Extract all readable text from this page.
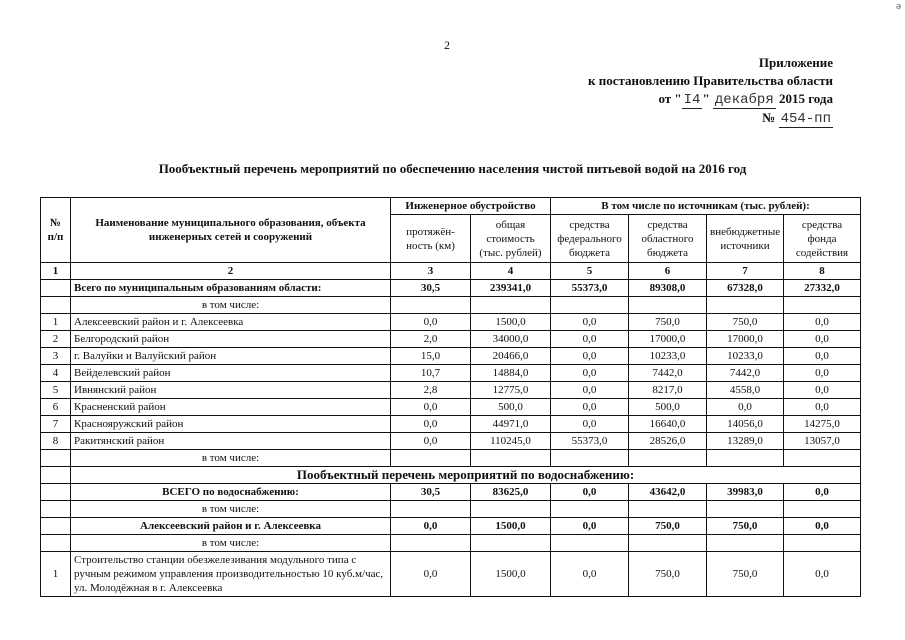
ə
2
Приложение
к постановлению Правительства области
от " I4 " декабря 2015 года
№ 454-пп
Пообъектный перечень мероприятий по обеспечению населения чистой питьевой водой на 2016 год
№ п/п	Наименование муниципального образования, объекта инженерных сетей и сооружений	Инженерное обустройство		В том числе по источникам (тыс. рублей):			
		протяжён-ность (км)	общая стоимость (тыс. рублей)	средства федерального бюджета	средства областного бюджета	внебюджетные источники	средства фонда содействия
1	2	3	4	5	6	7	8
	Всего по муниципальным образованиям области:	30,5	239341,0	55373,0	89308,0	67328,0	27332,0
	в том числе:						
1	Алексеевский район и г. Алексеевка	0,0	1500,0	0,0	750,0	750,0	0,0
2	Белгородский район	2,0	34000,0	0,0	17000,0	17000,0	0,0
3	г. Валуйки и Валуйский район	15,0	20466,0	0,0	10233,0	10233,0	0,0
4	Вейделевский район	10,7	14884,0	0,0	7442,0	7442,0	0,0
5	Ивнянский район	2,8	12775,0	0,0	8217,0	4558,0	0,0
6	Красненский район	0,0	500,0	0,0	500,0	0,0	0,0
7	Краснояружский район	0,0	44971,0	0,0	16640,0	14056,0	14275,0
8	Ракитянский район	0,0	110245,0	55373,0	28526,0	13289,0	13057,0
	в том числе:						
	Пообъектный перечень мероприятий по водоснабжению:						
	ВСЕГО по водоснабжению:	30,5	83625,0	0,0	43642,0	39983,0	0,0
	в том числе:						
	Алексеевский район и г. Алексеевка	0,0	1500,0	0,0	750,0	750,0	0,0
	в том числе:						
1	Строительство станции обезжелезивания модульного типа с ручным режимом управления производительностью 10 куб.м/час, ул. Молодёжная в г. Алексеевка	0,0	1500,0	0,0	750,0	750,0	0,0
